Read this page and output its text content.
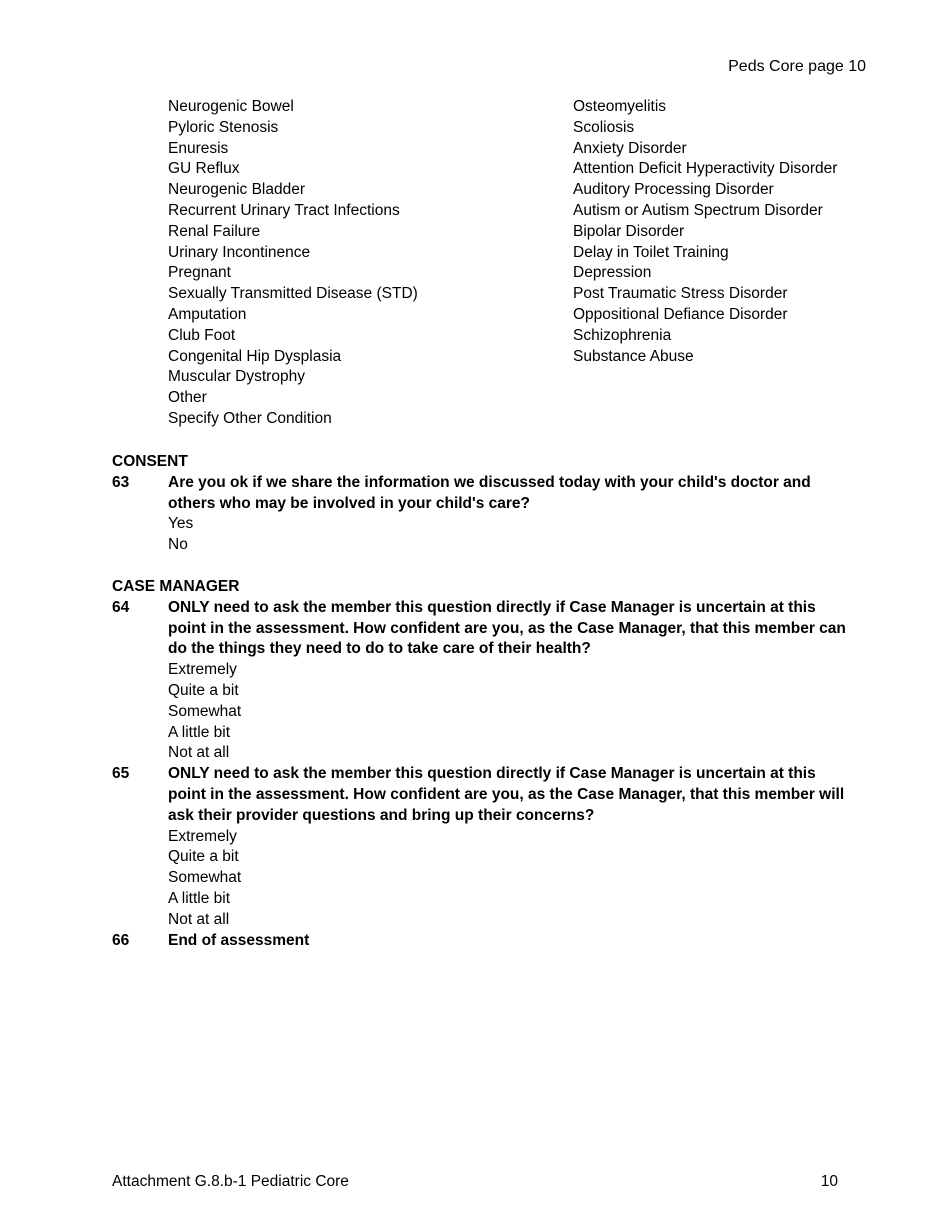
Peds Core page 10
Neurogenic Bowel
Pyloric Stenosis
Enuresis
GU Reflux
Neurogenic Bladder
Recurrent Urinary Tract Infections
Renal Failure
Urinary Incontinence
Pregnant
Sexually Transmitted Disease (STD)
Amputation
Club Foot
Congenital Hip Dysplasia
Muscular Dystrophy
Other
Specify Other Condition
Osteomyelitis
Scoliosis
Anxiety Disorder
Attention Deficit Hyperactivity Disorder
Auditory Processing Disorder
Autism or Autism Spectrum Disorder
Bipolar Disorder
Delay in Toilet Training
Depression
Post Traumatic Stress Disorder
Oppositional Defiance Disorder
Schizophrenia
Substance Abuse
CONSENT
63	Are you ok if we share the information we discussed today with your child's doctor and others who may be involved in your child's care?
Yes
No
CASE MANAGER
64	ONLY need to ask the member this question directly if Case Manager is uncertain at this point in the assessment. How confident are you, as the Case Manager, that this member can do the things they need to do to take care of their health?
Extremely
Quite a bit
Somewhat
A little bit
Not at all
65	ONLY need to ask the member this question directly if Case Manager is uncertain at this point in the assessment. How confident are you, as the Case Manager, that this member will ask their provider questions and bring up their concerns?
Extremely
Quite a bit
Somewhat
A little bit
Not at all
66	End of assessment
Attachment G.8.b-1 Pediatric Core	10
